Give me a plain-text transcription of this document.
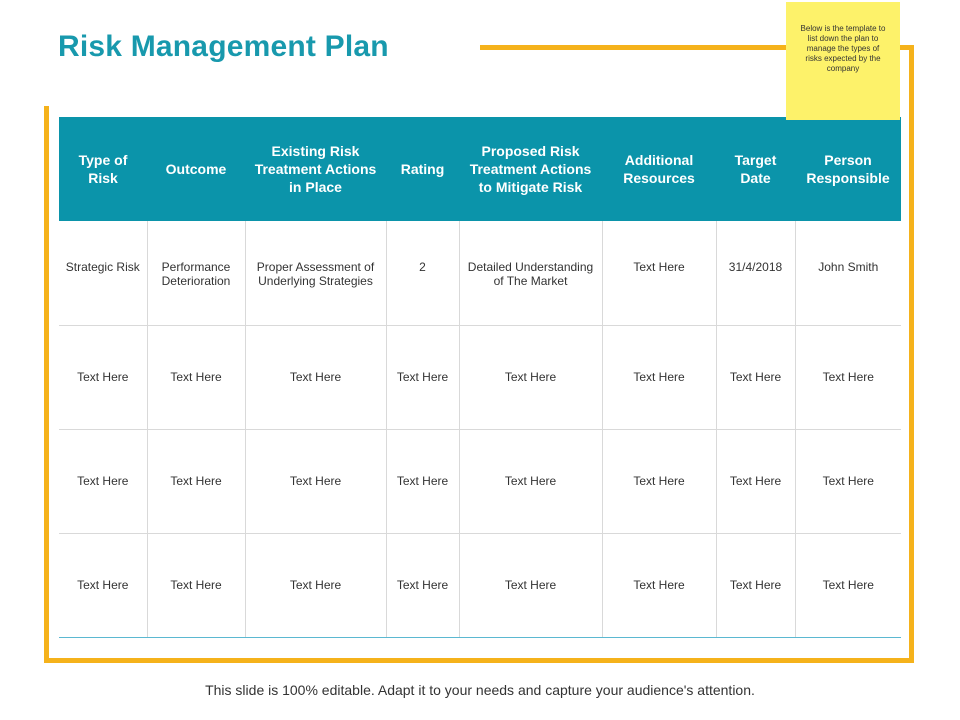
Risk Management Plan
Type of Risk	Outcome	Existing Risk Treatment Actions in Place	Rating	Proposed Risk Treatment Actions to Mitigate Risk	Additional Resources	Target Date	Person Responsible
Strategic Risk	Performance Deterioration	Proper Assessment of Underlying Strategies	2	Detailed Understanding of The Market	Text Here	31/4/2018	John Smith
Text Here	Text Here	Text Here	Text Here	Text Here	Text Here	Text Here	Text Here
Text Here	Text Here	Text Here	Text Here	Text Here	Text Here	Text Here	Text Here
Text Here	Text Here	Text Here	Text Here	Text Here	Text Here	Text Here	Text Here
Below is the template to list down the plan to manage the types of risks expected by the company
This slide is 100% editable. Adapt it to your needs and capture your audience's attention.
